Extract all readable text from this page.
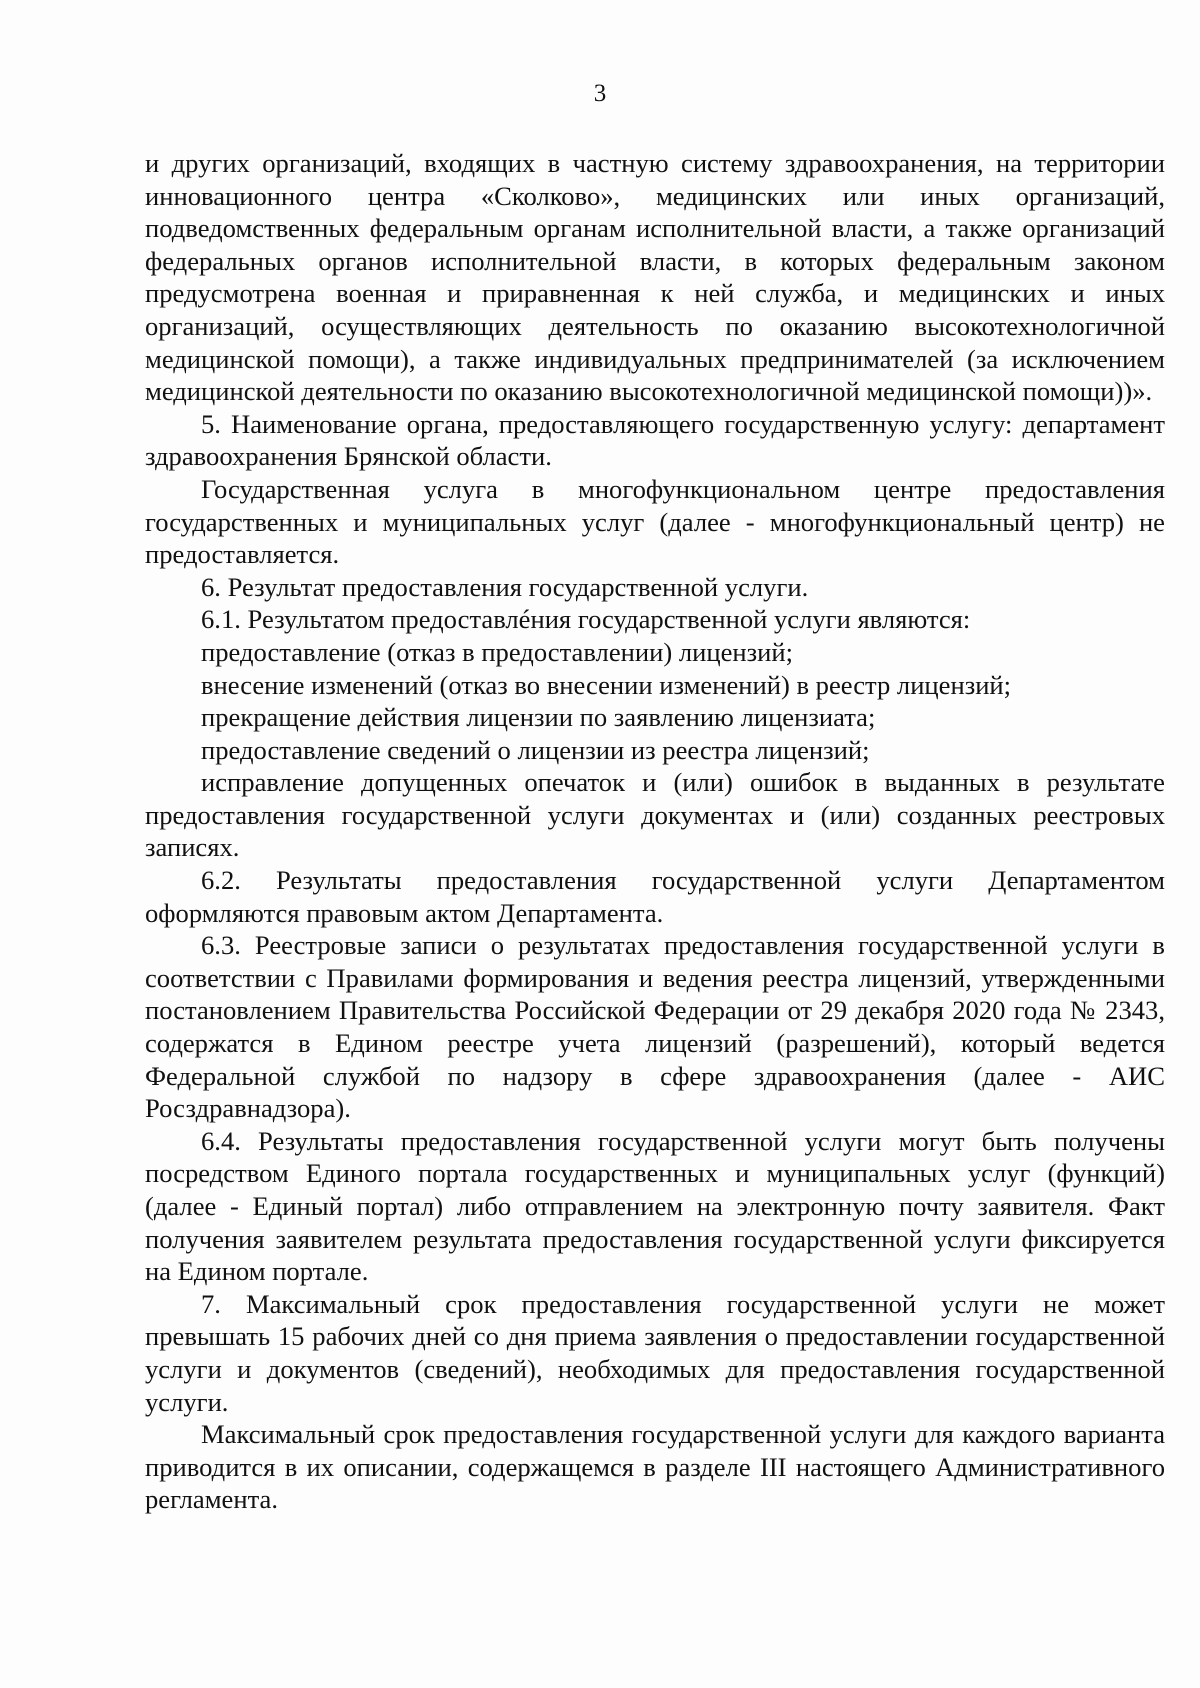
3

и других организаций, входящих в частную систему здравоохранения, на территории инновационного центра «Сколково», медицинских или иных организаций, подведомственных федеральным органам исполнительной власти, а также организаций федеральных органов исполнительной власти, в которых федеральным законом предусмотрена военная и приравненная к ней служба, и медицинских и иных организаций, осуществляющих деятельность по оказанию высокотехнологичной медицинской помощи), а также индивидуальных предпринимателей (за исключением медицинской деятельности по оказанию высокотехнологичной медицинской помощи))».

5. Наименование органа, предоставляющего государственную услугу: департамент здравоохранения Брянской области.

Государственная услуга в многофункциональном центре предоставления государственных и муниципальных услуг (далее - многофункциональный центр) не предоставляется.

6. Результат предоставления государственной услуги.

6.1. Результатом предоставлéния государственной услуги являются:

предоставление (отказ в предоставлении) лицензий;

внесение изменений (отказ во внесении изменений) в реестр лицензий;

прекращение действия лицензии по заявлению лицензиата;

предоставление сведений о лицензии из реестра лицензий;

исправление допущенных опечаток и (или) ошибок в выданных в результате предоставления государственной услуги документах и (или) созданных реестровых записях.

6.2. Результаты предоставления государственной услуги Департаментом оформляются правовым актом Департамента.

6.3. Реестровые записи о результатах предоставления государственной услуги в соответствии с Правилами формирования и ведения реестра лицензий, утвержденными постановлением Правительства Российской Федерации от 29 декабря 2020 года № 2343, содержатся в Едином реестре учета лицензий (разрешений), который ведется Федеральной службой по надзору в сфере здравоохранения (далее - АИС Росздравнадзора).

6.4. Результаты предоставления государственной услуги могут быть получены посредством Единого портала государственных и муниципальных услуг (функций) (далее - Единый портал) либо отправлением на электронную почту заявителя. Факт получения заявителем результата предоставления государственной услуги фиксируется на Едином портале.

7. Максимальный срок предоставления государственной услуги не может превышать 15 рабочих дней со дня приема заявления о предоставлении государственной услуги и документов (сведений), необходимых для предоставления государственной услуги.

Максимальный срок предоставления государственной услуги для каждого варианта приводится в их описании, содержащемся в разделе III настоящего Административного регламента.
